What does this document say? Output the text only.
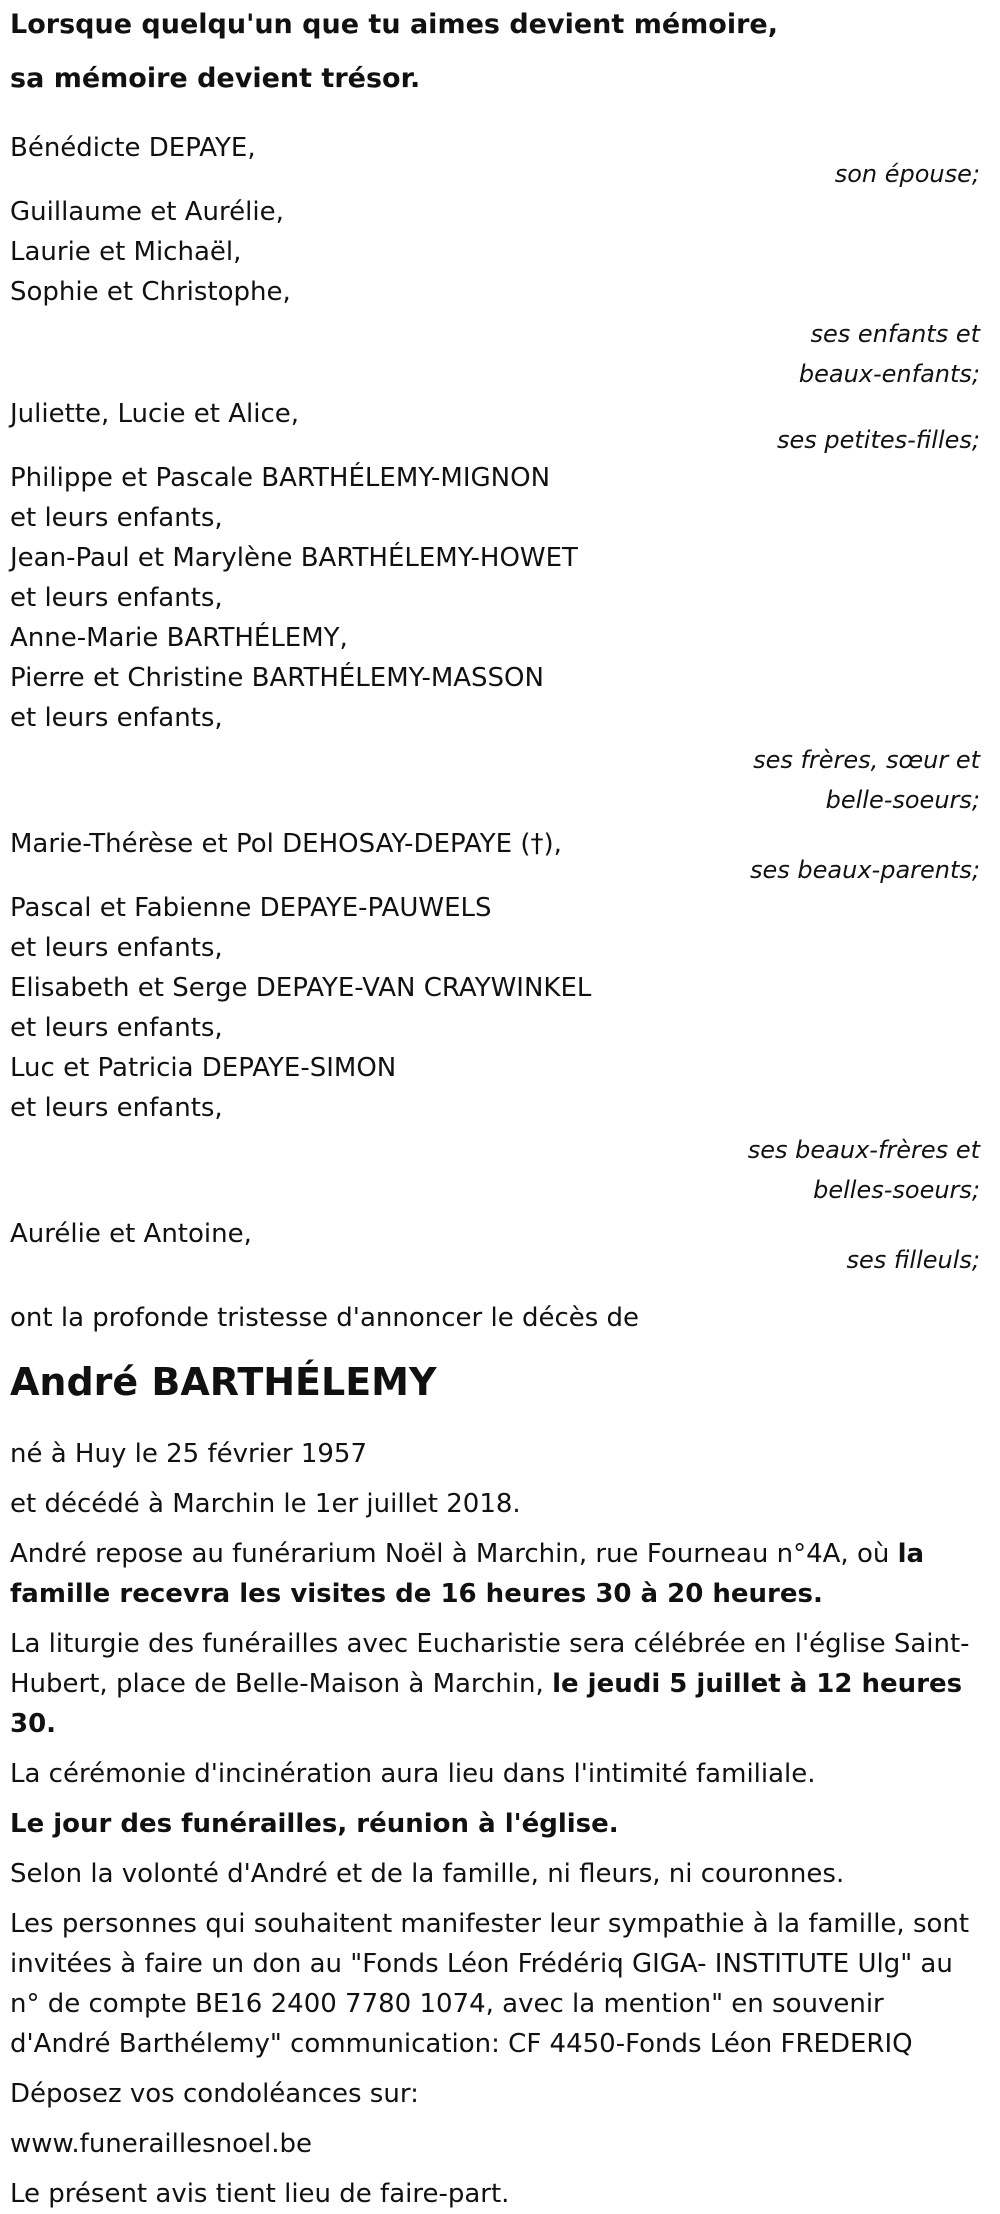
Lorsque quelqu'un que tu aimes devient mémoire,
sa mémoire devient trésor.
Bénédicte DEPAYE,
son épouse;
Guillaume et Aurélie,
Laurie et Michaël,
Sophie et Christophe,
ses enfants et
beaux-enfants;
Juliette, Lucie et Alice,
ses petites-filles;
Philippe et Pascale BARTHÉLEMY-MIGNON
et leurs enfants,
Jean-Paul et Marylène BARTHÉLEMY-HOWET
et leurs enfants,
Anne-Marie BARTHÉLEMY,
Pierre et Christine BARTHÉLEMY-MASSON
et leurs enfants,
ses frères, sœur et
belle-soeurs;
Marie-Thérèse et Pol DEHOSAY-DEPAYE (†),
ses beaux-parents;
Pascal et Fabienne DEPAYE-PAUWELS
et leurs enfants,
Elisabeth et Serge DEPAYE-VAN CRAYWINKEL
et leurs enfants,
Luc et Patricia DEPAYE-SIMON
et leurs enfants,
ses beaux-frères et
belles-soeurs;
Aurélie et Antoine,
ses filleuls;
ont la profonde tristesse d'annoncer le décès de
André BARTHÉLEMY
né à Huy le 25 février 1957
et décédé à Marchin le 1er juillet 2018.
André repose au funérarium Noël à Marchin, rue Fourneau n°4A, où la famille recevra les visites de 16 heures 30 à 20 heures.
La liturgie des funérailles avec Eucharistie sera célébrée en l'église Saint-Hubert, place de Belle-Maison à Marchin, le jeudi 5 juillet à 12 heures 30.
La cérémonie d'incinération aura lieu dans l'intimité familiale.
Le jour des funérailles, réunion à l'église.
Selon la volonté d'André et de la famille, ni fleurs, ni couronnes.
Les personnes qui souhaitent manifester leur sympathie à la famille, sont invitées à faire un don au "Fonds Léon Frédériq GIGA- INSTITUTE Ulg" au n° de compte BE16 2400 7780 1074, avec la mention" en souvenir d'André Barthélemy" communication: CF 4450-Fonds Léon FREDERIQ
Déposez vos condoléances sur:
www.funeraillesnoel.be
Le présent avis tient lieu de faire-part.
